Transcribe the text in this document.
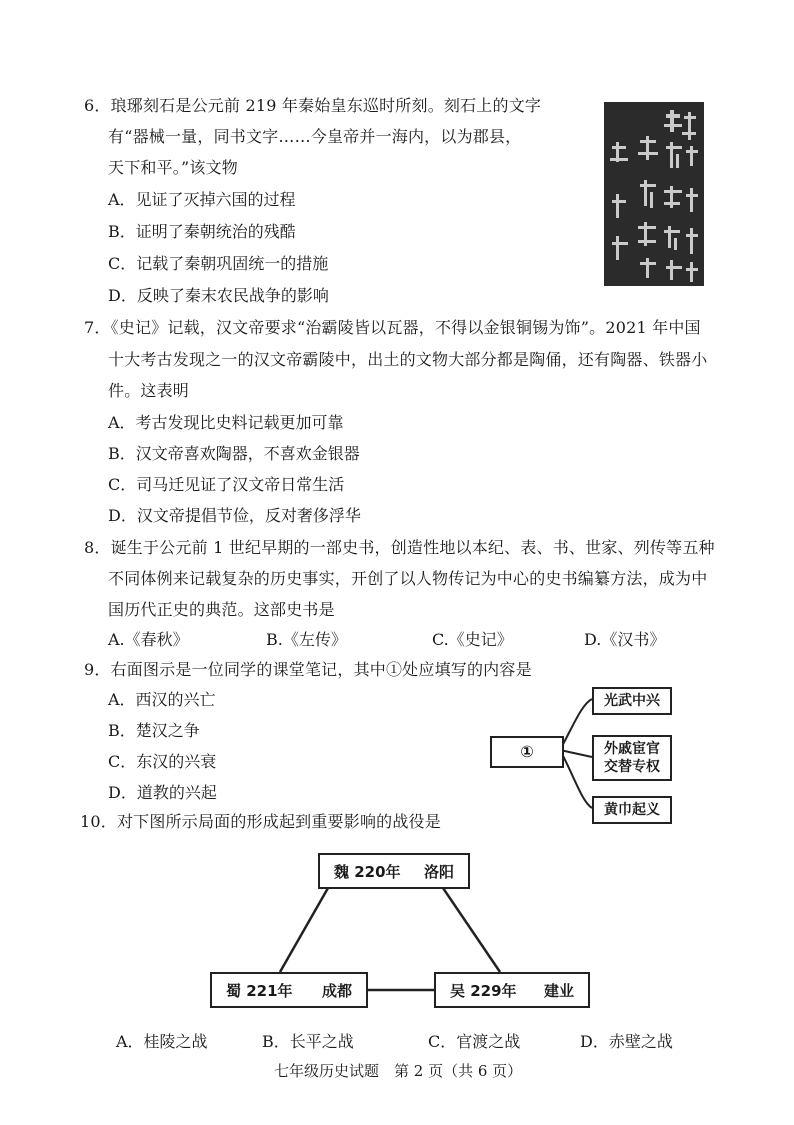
6．琅琊刻石是公元前 219 年秦始皇东巡时所刻。刻石上的文字
有“器械一量，同书文字……今皇帝并一海内，以为郡县，
天下和平。”该文物
A．见证了灭掉六国的过程
B．证明了秦朝统治的残酷
C．记载了秦朝巩固统一的措施
D．反映了秦末农民战争的影响
7．《史记》记载，汉文帝要求“治霸陵皆以瓦器，不得以金银铜锡为饰”。2021 年中国
十大考古发现之一的汉文帝霸陵中，出土的文物大部分都是陶俑，还有陶器、铁器小
件。这表明
A．考古发现比史料记载更加可靠
B．汉文帝喜欢陶器，不喜欢金银器
C．司马迁见证了汉文帝日常生活
D．汉文帝提倡节俭，反对奢侈浮华
8．诞生于公元前 1 世纪早期的一部史书，创造性地以本纪、表、书、世家、列传等五种
不同体例来记载复杂的历史事实，开创了以人物传记为中心的史书编纂方法，成为中
国历代正史的典范。这部史书是
A.《春秋》	B.《左传》	C.《史记》	D.《汉书》
9．右面图示是一位同学的课堂笔记，其中①处应填写的内容是
A．西汉的兴亡
B．楚汉之争
C．东汉的兴衰
D．道教的兴起
①
光武中兴
外戚宦官
交替专权
黄巾起义
10．对下图所示局面的形成起到重要影响的战役是
魏 220年 洛阳
蜀 221年 成都	吴 229年 建业
A．桂陵之战	B．长平之战	C．官渡之战	D．赤壁之战
七年级历史试题　第 2 页（共 6 页）
